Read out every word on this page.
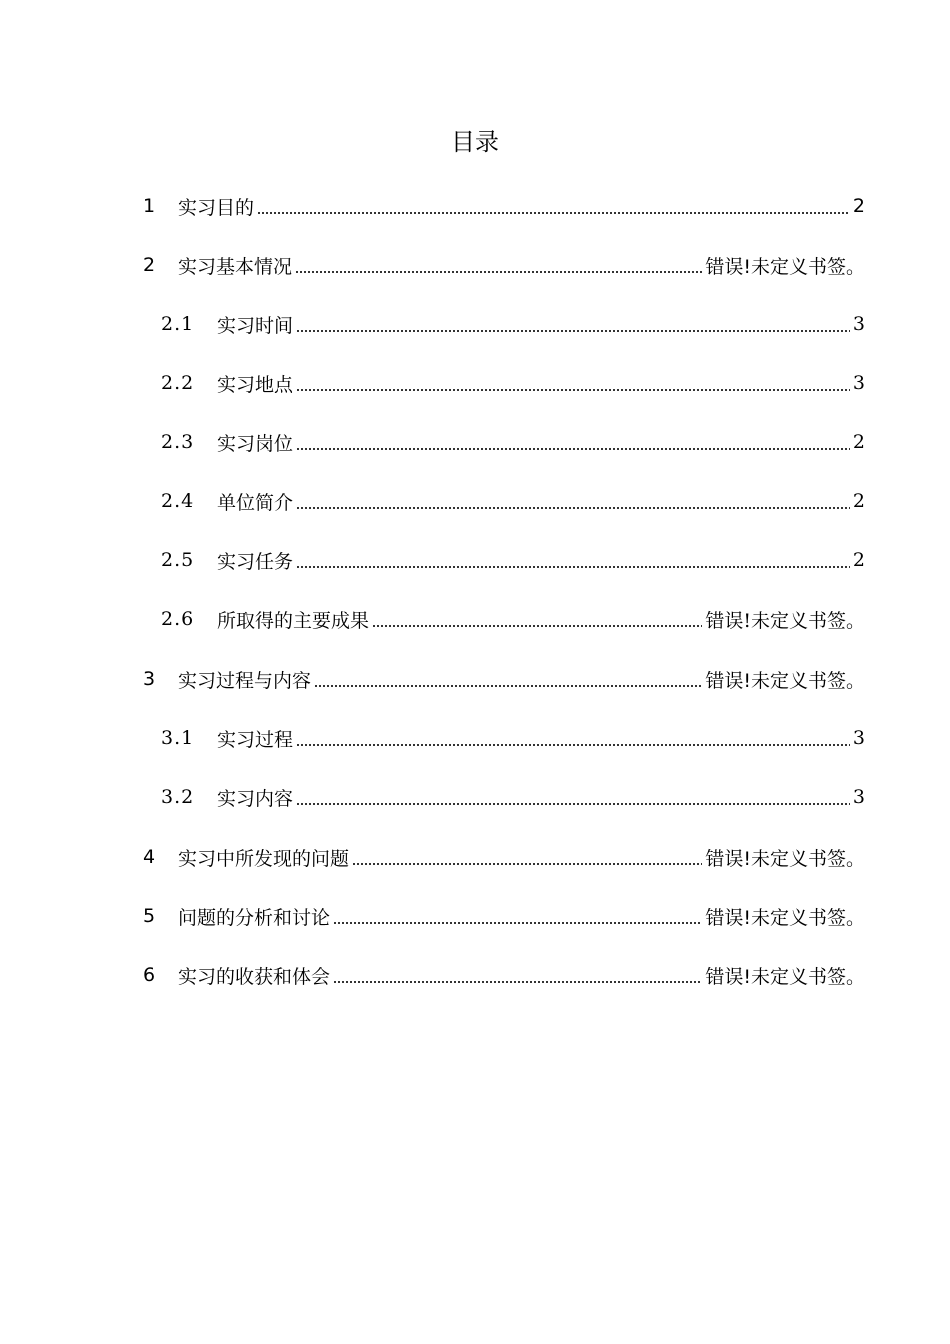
目录
1	实习目的	2
2	实习基本情况	错误!未定义书签。
2.1	实习时间	3
2.2	实习地点	3
2.3	实习岗位	2
2.4	单位简介	2
2.5	实习任务	2
2.6	所取得的主要成果	错误!未定义书签。
3	实习过程与内容	错误!未定义书签。
3.1	实习过程	3
3.2	实习内容	3
4	实习中所发现的问题	错误!未定义书签。
5	问题的分析和讨论	错误!未定义书签。
6	实习的收获和体会	错误!未定义书签。
